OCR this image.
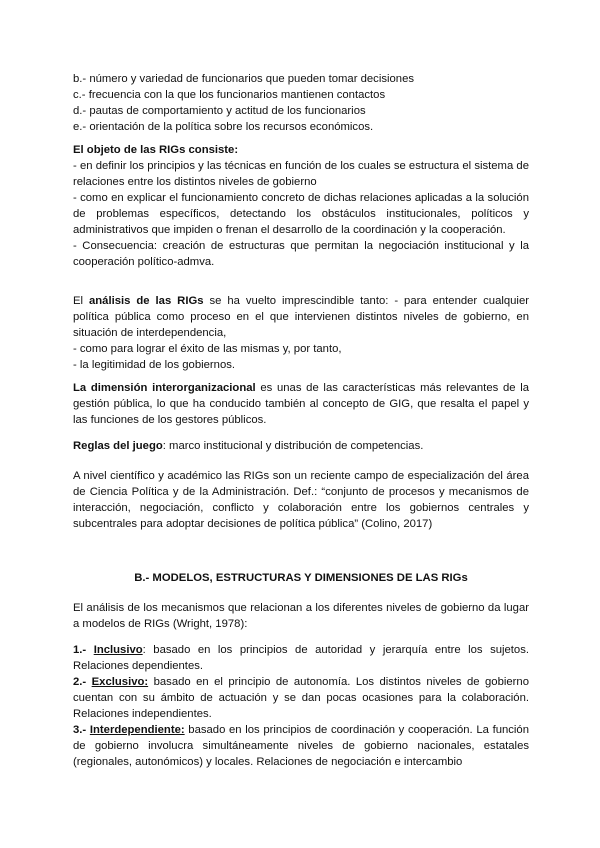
b.- número y variedad de funcionarios que pueden tomar decisiones

c.- frecuencia con la que los funcionarios mantienen contactos

d.- pautas de comportamiento y actitud de los funcionarios

e.- orientación de la política sobre los recursos económicos.

El objeto de las RIGs consiste:

- en definir los principios y las técnicas en función de los cuales se estructura el sistema de relaciones entre los distintos niveles de gobierno

- como en explicar el funcionamiento concreto de dichas relaciones aplicadas a la solución de problemas específicos, detectando los obstáculos institucionales, políticos y administrativos que impiden o frenan el desarrollo de la coordinación y la cooperación.

- Consecuencia: creación de estructuras que permitan la negociación institucional y la cooperación político-admva.

El análisis de las RIGs se ha vuelto imprescindible tanto: - para entender cualquier política pública como proceso en el que intervienen distintos niveles de gobierno, en situación de interdependencia,

- como para lograr el éxito de las mismas y, por tanto,

- la legitimidad de los gobiernos.

La dimensión interorganizacional es unas de las características más relevantes de la gestión pública, lo que ha conducido también al concepto de GIG, que resalta el papel y las funciones de los gestores públicos.

Reglas del juego: marco institucional y distribución de competencias.

A nivel científico y académico las RIGs son un reciente campo de especialización del área de Ciencia Política y de la Administración. Def.: “conjunto de procesos y mecanismos de interacción, negociación, conflicto y colaboración entre los gobiernos centrales y subcentrales para adoptar decisiones de política pública” (Colino, 2017)

B.- MODELOS, ESTRUCTURAS Y DIMENSIONES DE LAS RIGs

El análisis de los mecanismos que relacionan a los diferentes niveles de gobierno da lugar a modelos de RIGs (Wright, 1978):

1.- Inclusivo: basado en los principios de autoridad y jerarquía entre los sujetos. Relaciones dependientes.

2.- Exclusivo: basado en el principio de autonomía. Los distintos niveles de gobierno cuentan con su ámbito de actuación y se dan pocas ocasiones para la colaboración. Relaciones independientes.

3.- Interdependiente: basado en los principios de coordinación y cooperación. La función de gobierno involucra simultáneamente niveles de gobierno nacionales, estatales (regionales, autonómicos) y locales. Relaciones de negociación e intercambio
